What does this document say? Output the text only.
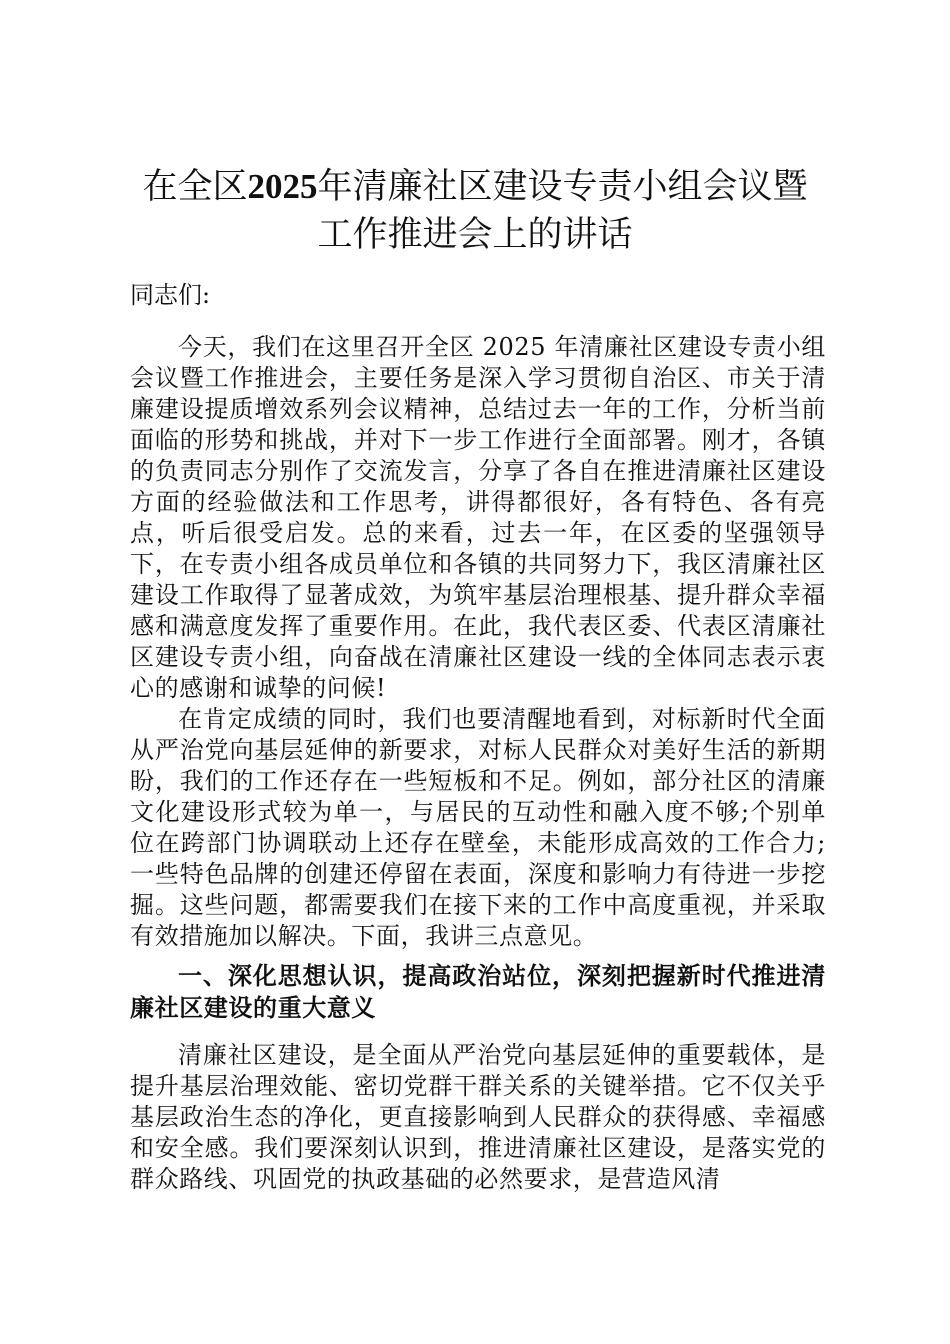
在全区2025年清廉社区建设专责小组会议暨
工作推进会上的讲话

同志们:

今天，我们在这里召开全区 2025 年清廉社区建设专责小组会议暨工作推进会，主要任务是深入学习贯彻自治区、市关于清廉建设提质增效系列会议精神，总结过去一年的工作，分析当前面临的形势和挑战，并对下一步工作进行全面部署。刚才，各镇的负责同志分别作了交流发言，分享了各自在推进清廉社区建设方面的经验做法和工作思考，讲得都很好，各有特色、各有亮点，听后很受启发。总的来看，过去一年，在区委的坚强领导下，在专责小组各成员单位和各镇的共同努力下，我区清廉社区建设工作取得了显著成效，为筑牢基层治理根基、提升群众幸福感和满意度发挥了重要作用。在此，我代表区委、代表区清廉社区建设专责小组，向奋战在清廉社区建设一线的全体同志表示衷心的感谢和诚挚的问候!

在肯定成绩的同时，我们也要清醒地看到，对标新时代全面从严治党向基层延伸的新要求，对标人民群众对美好生活的新期盼，我们的工作还存在一些短板和不足。例如，部分社区的清廉文化建设形式较为单一，与居民的互动性和融入度不够;个别单位在跨部门协调联动上还存在壁垒，未能形成高效的工作合力;一些特色品牌的创建还停留在表面，深度和影响力有待进一步挖掘。这些问题，都需要我们在接下来的工作中高度重视，并采取有效措施加以解决。下面，我讲三点意见。

一、深化思想认识，提高政治站位，深刻把握新时代推进清廉社区建设的重大意义

清廉社区建设，是全面从严治党向基层延伸的重要载体，是提升基层治理效能、密切党群干群关系的关键举措。它不仅关乎基层政治生态的净化，更直接影响到人民群众的获得感、幸福感和安全感。我们要深刻认识到，推进清廉社区建设，是落实党的群众路线、巩固党的执政基础的必然要求，是营造风清
